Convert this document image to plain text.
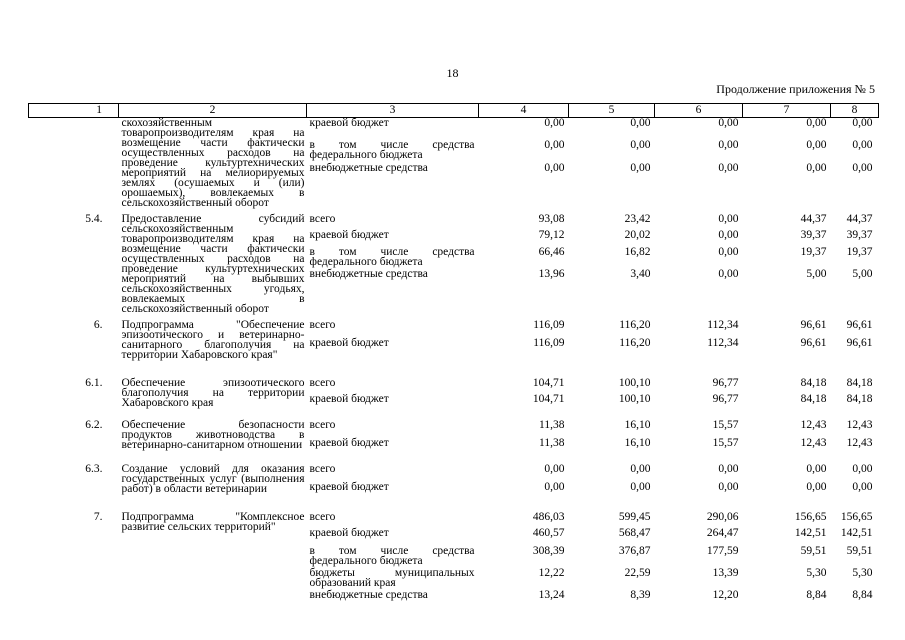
18
Продолжение приложения № 5
1	2	3	4	5	6	7	8
	скохозяйственным товаропроизводителям края на возмещение части фактически осуществленных расходов на проведение культуртехнических мероприятий на мелиорируемых землях (осушаемых и (или) орошаемых), вовлекаемых в сельскохозяйственный оборот	краевой бюджет	0,00	0,00	0,00	0,00	0,00
		в том числе средства федерального бюджета	0,00	0,00	0,00	0,00	0,00
		внебюджетные средства	0,00	0,00	0,00	0,00	0,00

5.4.	Предоставление субсидий сельскохозяйственным товаропроизводителям края на возмещение части фактически осуществленных расходов на проведение культуртехнических мероприятий на выбывших сельскохозяйственных угодьях, вовлекаемых в сельскохозяйственный оборот	всего	93,08	23,42	0,00	44,37	44,37
		краевой бюджет	79,12	20,02	0,00	39,37	39,37
		в том числе средства федерального бюджета	66,46	16,82	0,00	19,37	19,37
		внебюджетные средства	13,96	3,40	0,00	5,00	5,00

6.	Подпрограмма "Обеспечение эпизоотического и ветеринарно-санитарного благополучия на территории Хабаровского края"	всего	116,09	116,20	112,34	96,61	96,61
		краевой бюджет	116,09	116,20	112,34	96,61	96,61

6.1.	Обеспечение эпизоотического благополучия на территории Хабаровского края	всего	104,71	100,10	96,77	84,18	84,18
		краевой бюджет	104,71	100,10	96,77	84,18	84,18

6.2.	Обеспечение безопасности продуктов животноводства в ветеринарно-санитарном отношении	всего	11,38	16,10	15,57	12,43	12,43
		краевой бюджет	11,38	16,10	15,57	12,43	12,43

6.3.	Создание условий для оказания государственных услуг (выполнения работ) в области ветеринарии	всего	0,00	0,00	0,00	0,00	0,00
		краевой бюджет	0,00	0,00	0,00	0,00	0,00

7.	Подпрограмма "Комплексное развитие сельских территорий"	всего	486,03	599,45	290,06	156,65	156,65
		краевой бюджет	460,57	568,47	264,47	142,51	142,51
		в том числе средства федерального бюджета	308,39	376,87	177,59	59,51	59,51
		бюджеты муниципальных образований края	12,22	22,59	13,39	5,30	5,30
		внебюджетные средства	13,24	8,39	12,20	8,84	8,84
